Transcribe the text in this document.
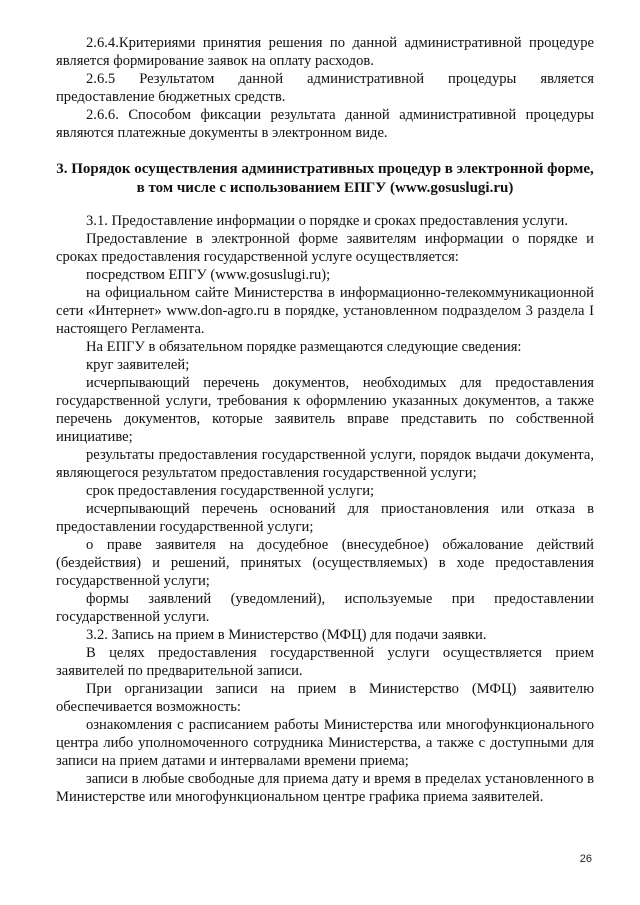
2.6.4.Критериями принятия решения по данной административной процедуре является формирование заявок на оплату расходов.

2.6.5 Результатом данной административной процедуры является предоставление бюджетных средств.

2.6.6. Способом фиксации результата данной административной процедуры являются платежные документы в электронном виде.

3. Порядок осуществления административных процедур в электронной форме, в том числе с использованием ЕПГУ (www.gosuslugi.ru)

3.1. Предоставление информации о порядке и сроках предоставления услуги.

Предоставление в электронной форме заявителям информации о порядке и сроках предоставления государственной услуге осуществляется:

посредством ЕПГУ (www.gosuslugi.ru);

на официальном сайте Министерства в информационно-телекоммуникационной сети «Интернет» www.don-agro.ru в порядке, установленном подразделом 3 раздела I настоящего Регламента.

На ЕПГУ в обязательном порядке размещаются следующие сведения:

круг заявителей;

исчерпывающий перечень документов, необходимых для предоставления государственной услуги, требования к оформлению указанных документов, а также перечень документов, которые заявитель вправе представить по собственной инициативе;

результаты предоставления государственной услуги, порядок выдачи документа, являющегося результатом предоставления государственной услуги;

срок предоставления государственной услуги;

исчерпывающий перечень оснований для приостановления или отказа в предоставлении государственной услуги;

о праве заявителя на досудебное (внесудебное) обжалование действий (бездействия) и решений, принятых (осуществляемых) в ходе предоставления государственной услуги;

формы заявлений (уведомлений), используемые при предоставлении государственной услуги.

3.2. Запись на прием в Министерство (МФЦ) для подачи заявки.

В целях предоставления государственной услуги осуществляется прием заявителей по предварительной записи.

При организации записи на прием в Министерство (МФЦ) заявителю обеспечивается возможность:

ознакомления с расписанием работы Министерства или многофункционального центра либо уполномоченного сотрудника Министерства, а также с доступными для записи на прием датами и интервалами времени приема;

записи в любые свободные для приема дату и время в пределах установленного в Министерстве или многофункциональном центре графика приема заявителей.

26
